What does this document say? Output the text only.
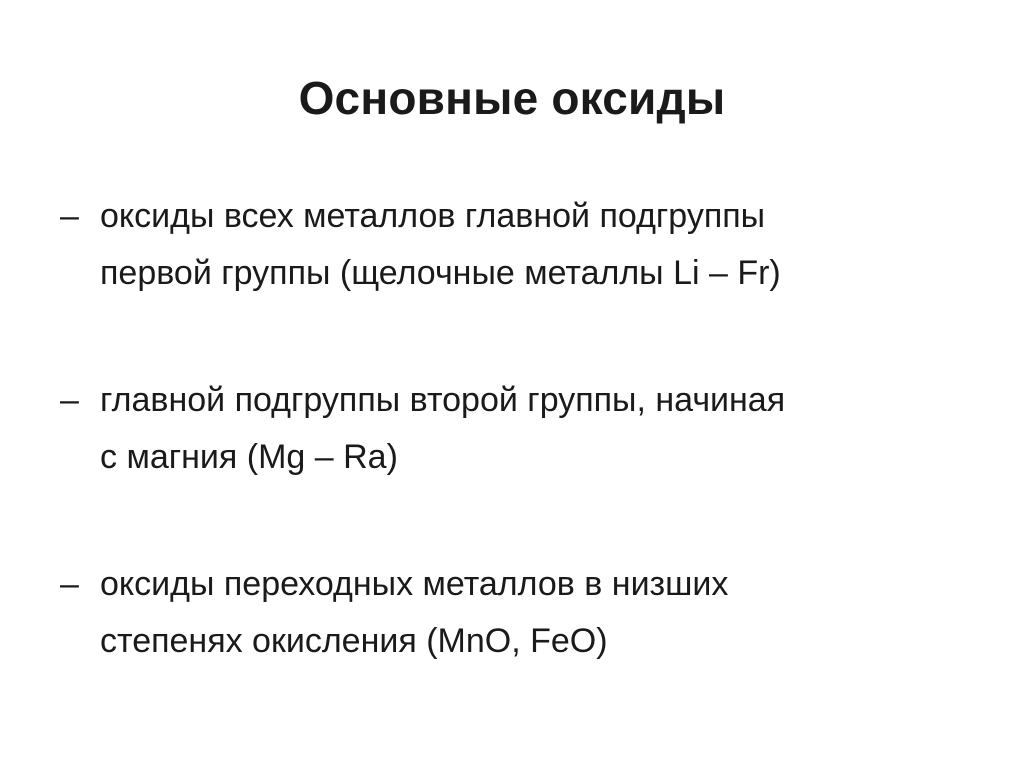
Основные оксиды
– оксиды всех металлов главной подгруппы
первой группы (щелочные металлы Li – Fr)
– главной подгруппы второй группы, начиная
с магния (Mg – Ra)
– оксиды переходных металлов в низших
степенях окисления (MnO, FeO)
